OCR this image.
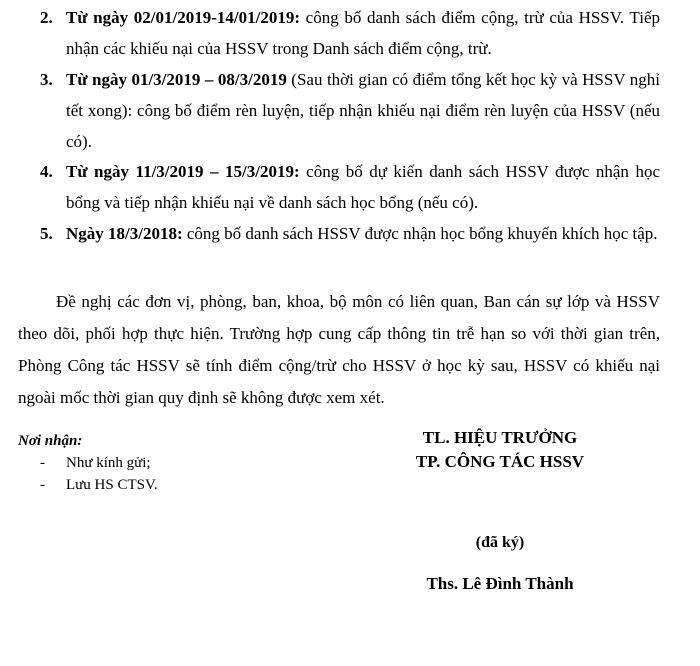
2. Từ ngày 02/01/2019-14/01/2019: công bố danh sách điểm cộng, trừ của HSSV. Tiếp nhận các khiếu nại của HSSV trong Danh sách điểm cộng, trừ.
3. Từ ngày 01/3/2019 – 08/3/2019 (Sau thời gian có điểm tổng kết học kỳ và HSSV nghỉ tết xong): công bố điểm rèn luyện, tiếp nhận khiếu nại điểm rèn luyện của HSSV (nếu có).
4. Từ ngày 11/3/2019 – 15/3/2019: công bố dự kiến danh sách HSSV được nhận học bổng và tiếp nhận khiếu nại về danh sách học bổng (nếu có).
5. Ngày 18/3/2018: công bố danh sách HSSV được nhận học bổng khuyến khích học tập.

Đề nghị các đơn vị, phòng, ban, khoa, bộ môn có liên quan, Ban cán sự lớp và HSSV theo dõi, phối hợp thực hiện. Trường hợp cung cấp thông tin trễ hạn so với thời gian trên, Phòng Công tác HSSV sẽ tính điểm cộng/trừ cho HSSV ở học kỳ sau, HSSV có khiếu nại ngoài mốc thời gian quy định sẽ không được xem xét.

Nơi nhận:
- Như kính gửi;
- Lưu HS CTSV.
TL. HIỆU TRƯỞNG
TP. CÔNG TÁC HSSV
(đã ký)
Ths. Lê Đình Thành
